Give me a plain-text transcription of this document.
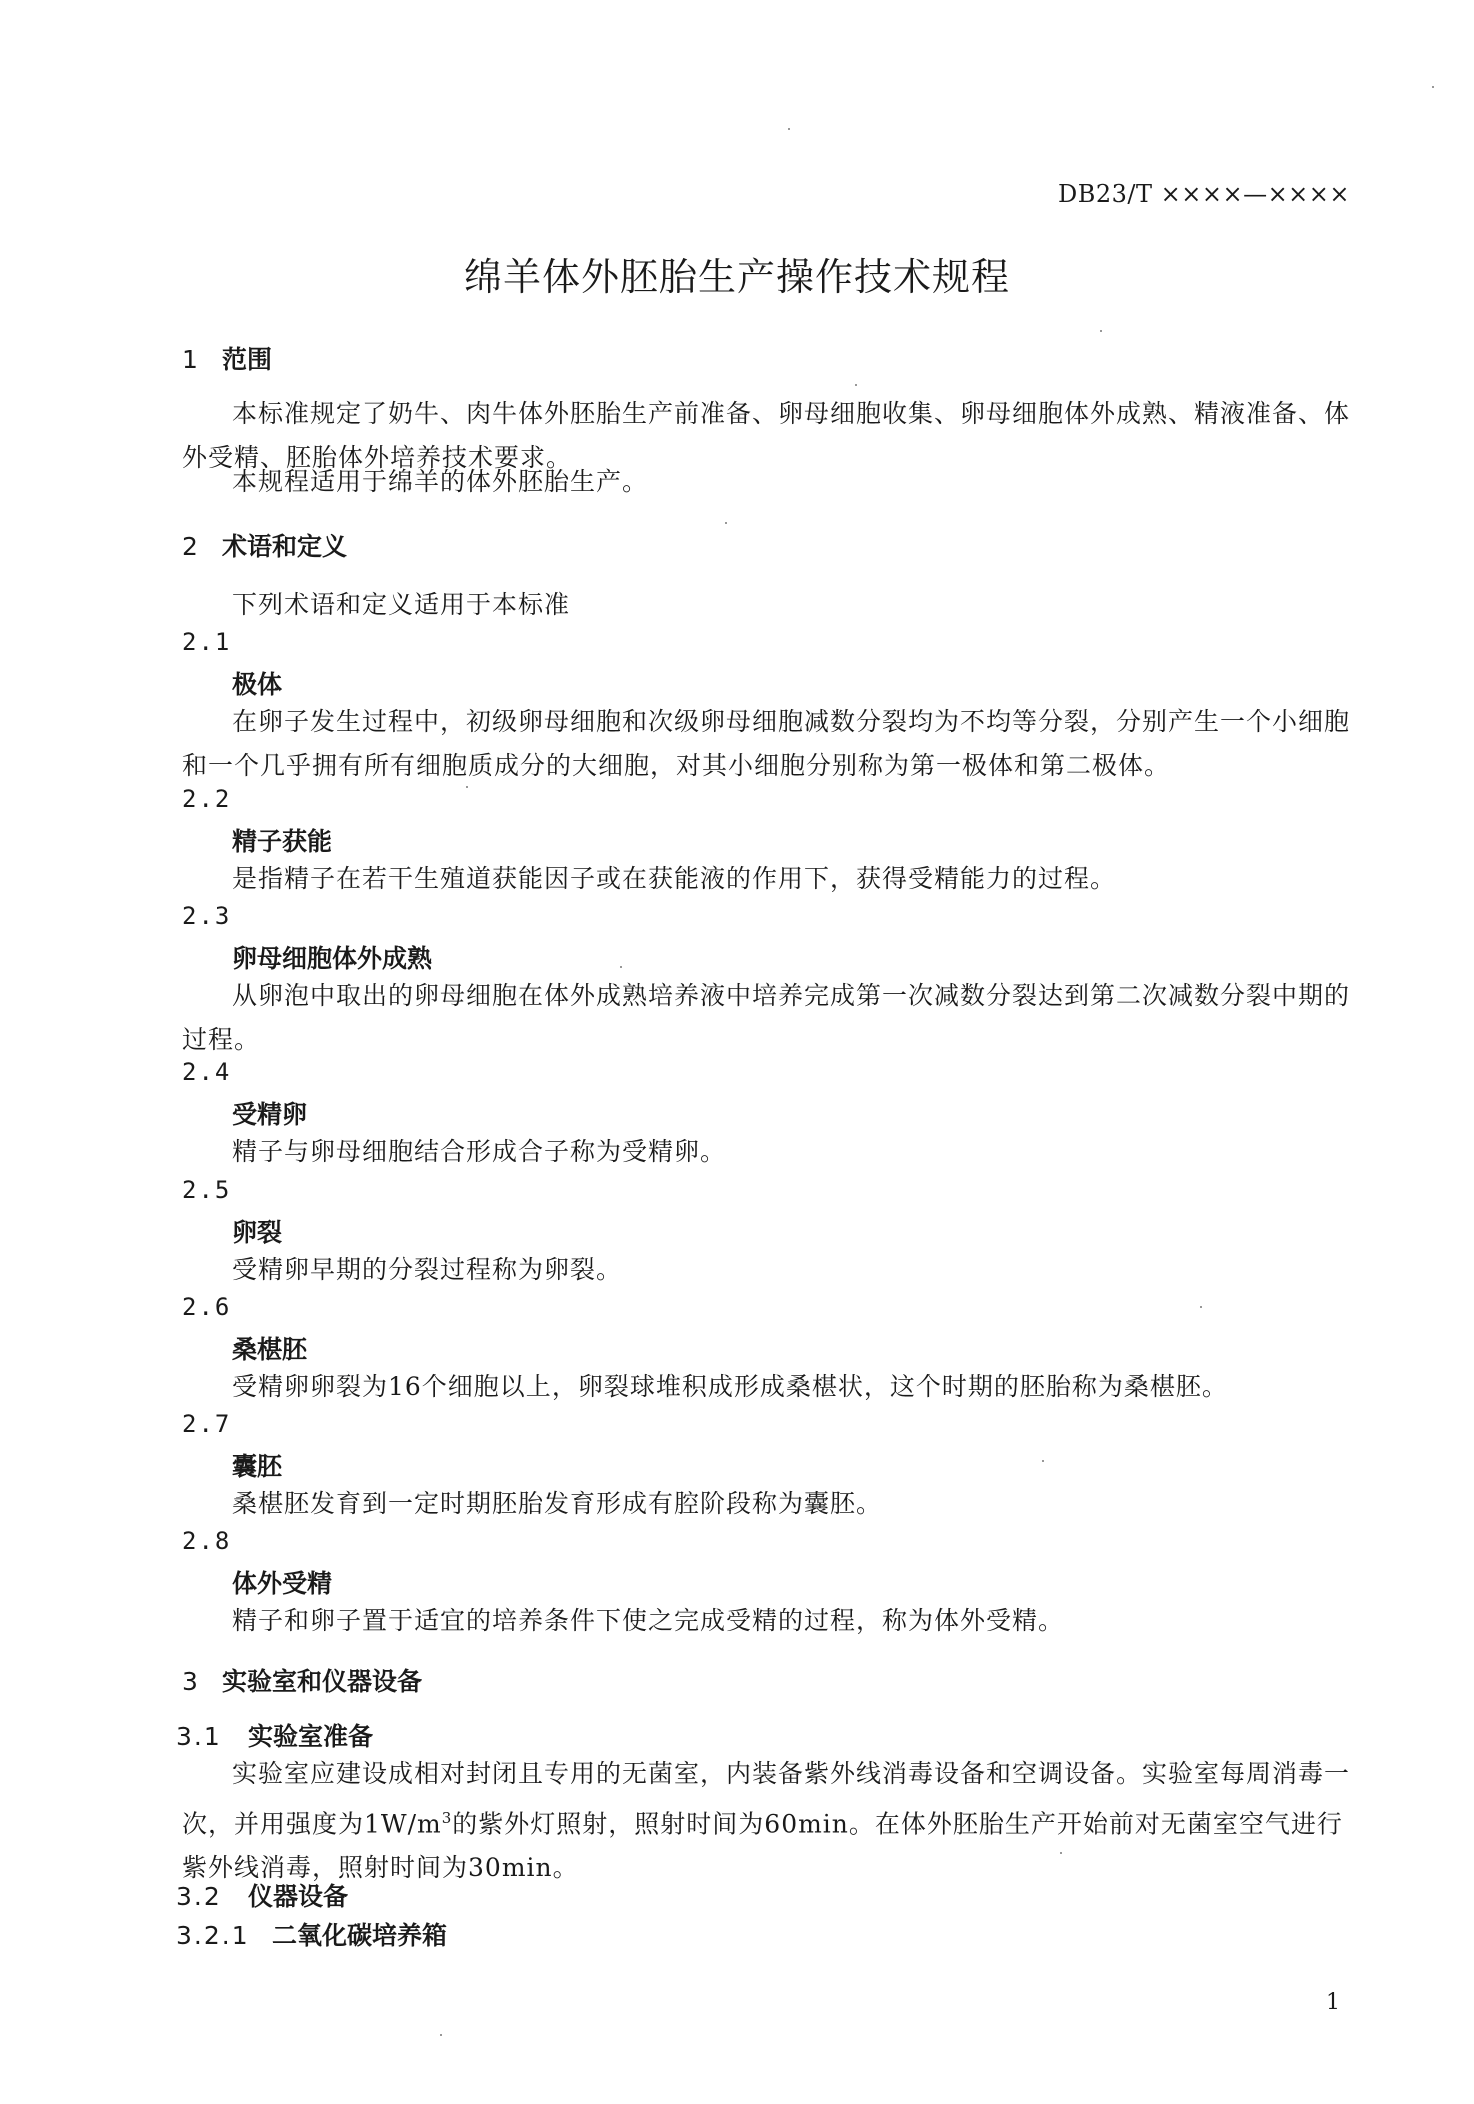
DB23/T ××××—××××
绵羊体外胚胎生产操作技术规程
1 范围
本标准规定了奶牛、肉牛体外胚胎生产前准备、卵母细胞收集、卵母细胞体外成熟、精液准备、体外受精、胚胎体外培养技术要求。
本规程适用于绵羊的体外胚胎生产。
2 术语和定义
下列术语和定义适用于本标准
2.1
极体
在卵子发生过程中，初级卵母细胞和次级卵母细胞减数分裂均为不均等分裂，分别产生一个小细胞和一个几乎拥有所有细胞质成分的大细胞，对其小细胞分别称为第一极体和第二极体。
2.2
精子获能
是指精子在若干生殖道获能因子或在获能液的作用下，获得受精能力的过程。
2.3
卵母细胞体外成熟
从卵泡中取出的卵母细胞在体外成熟培养液中培养完成第一次减数分裂达到第二次减数分裂中期的过程。
2.4
受精卵
精子与卵母细胞结合形成合子称为受精卵。
2.5
卵裂
受精卵早期的分裂过程称为卵裂。
2.6
桑椹胚
受精卵卵裂为16个细胞以上，卵裂球堆积成形成桑椹状，这个时期的胚胎称为桑椹胚。
2.7
囊胚
桑椹胚发育到一定时期胚胎发育形成有腔阶段称为囊胚。
2.8
体外受精
精子和卵子置于适宜的培养条件下使之完成受精的过程，称为体外受精。
3 实验室和仪器设备
3.1 实验室准备
实验室应建设成相对封闭且专用的无菌室，内装备紫外线消毒设备和空调设备。实验室每周消毒一次，并用强度为$1W/m^3$的紫外灯照射，照射时间为60min。在体外胚胎生产开始前对无菌室空气进行紫外线消毒，照射时间为30min。
3.2 仪器设备
3.2.1 二氧化碳培养箱
1
